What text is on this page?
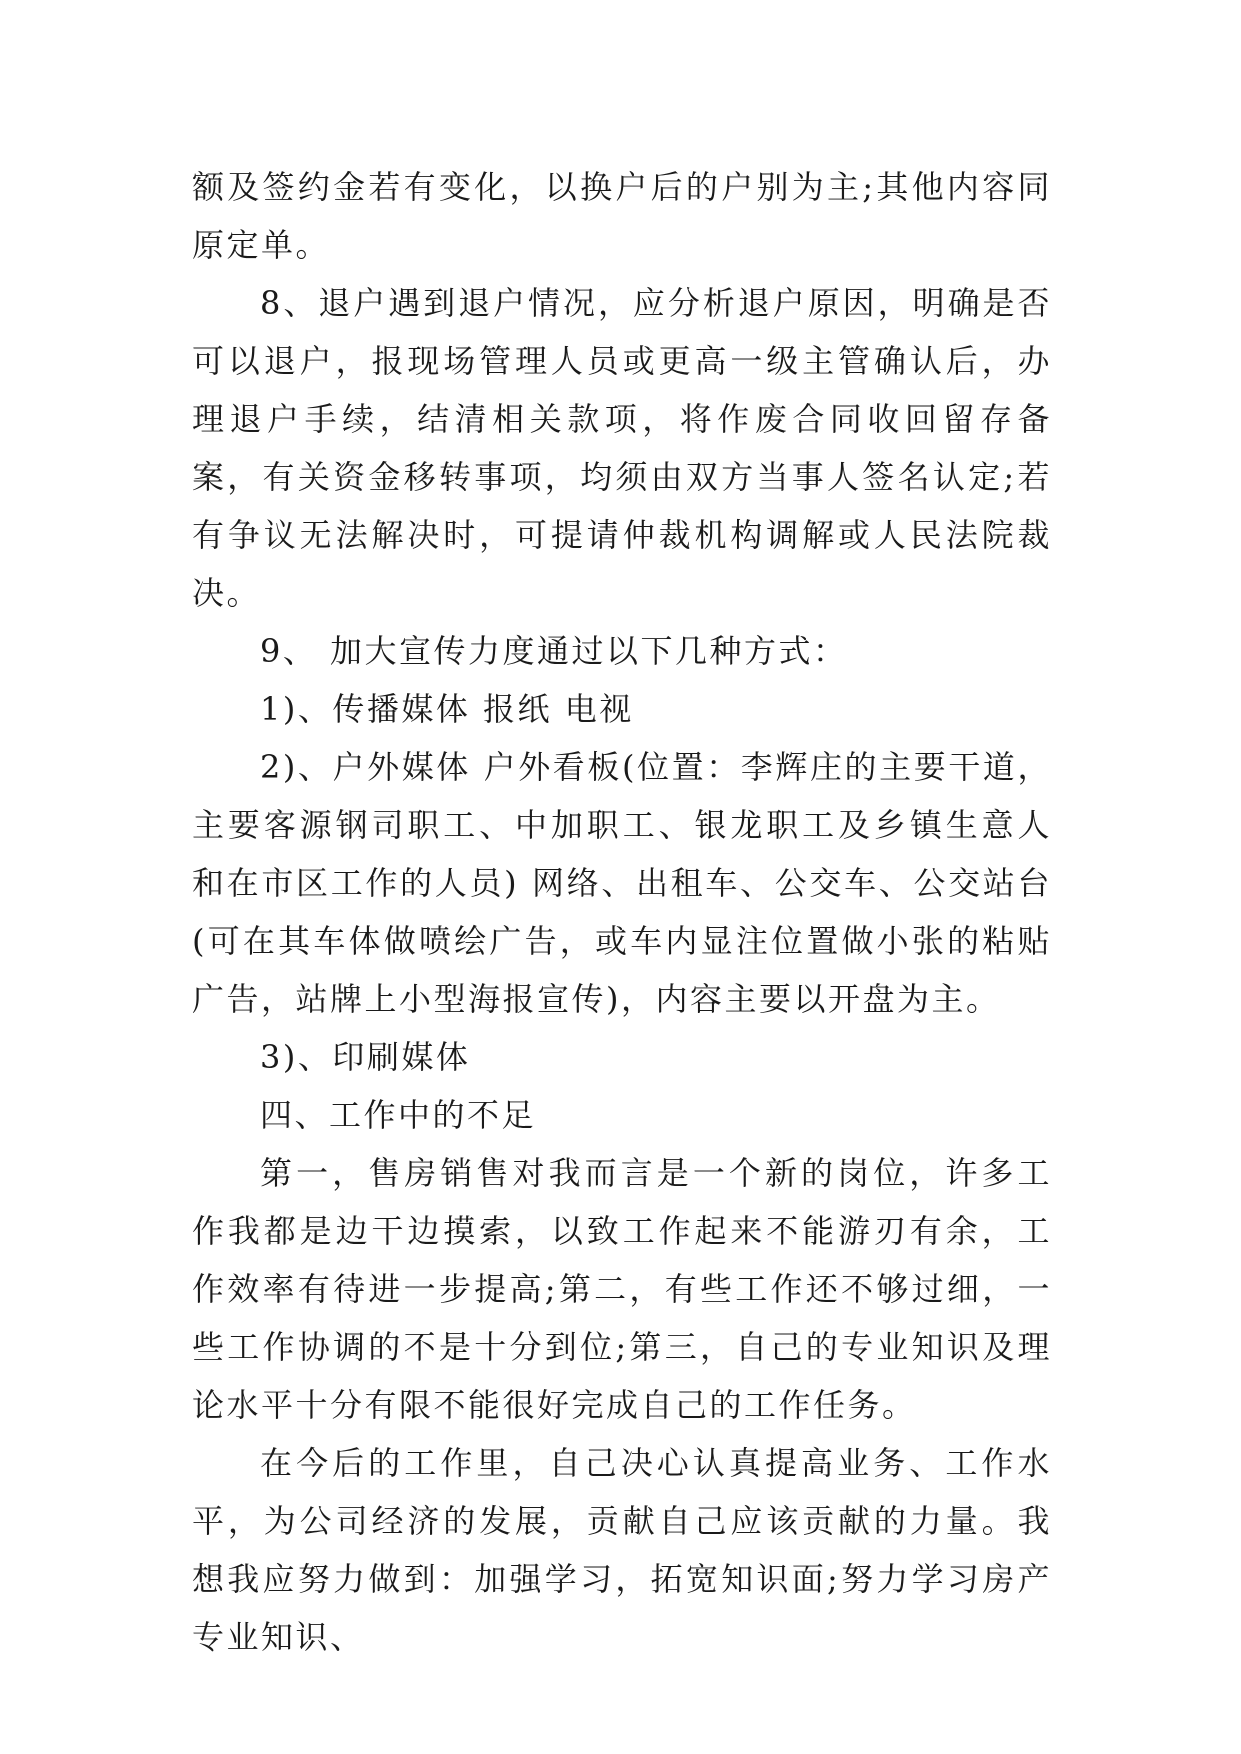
额及签约金若有变化，以换户后的户别为主;其他内容同原定单。

8、退户遇到退户情况，应分析退户原因，明确是否可以退户，报现场管理人员或更高一级主管确认后，办理退户手续，结清相关款项，将作废合同收回留存备案，有关资金移转事项，均须由双方当事人签名认定;若有争议无法解决时，可提请仲裁机构调解或人民法院裁决。

9、 加大宣传力度通过以下几种方式：

1)、传播媒体 报纸 电视

2)、户外媒体 户外看板(位置：李辉庄的主要干道，主要客源钢司职工、中加职工、银龙职工及乡镇生意人和在市区工作的人员) 网络、出租车、公交车、公交站台(可在其车体做喷绘广告，或车内显注位置做小张的粘贴广告，站牌上小型海报宣传)，内容主要以开盘为主。

3)、印刷媒体

四、工作中的不足

第一，售房销售对我而言是一个新的岗位，许多工作我都是边干边摸索，以致工作起来不能游刃有余，工作效率有待进一步提高;第二，有些工作还不够过细，一些工作协调的不是十分到位;第三，自己的专业知识及理论水平十分有限不能很好完成自己的工作任务。

在今后的工作里，自己决心认真提高业务、工作水平，为公司经济的发展，贡献自己应该贡献的力量。我想我应努力做到：加强学习，拓宽知识面;努力学习房产专业知识、
